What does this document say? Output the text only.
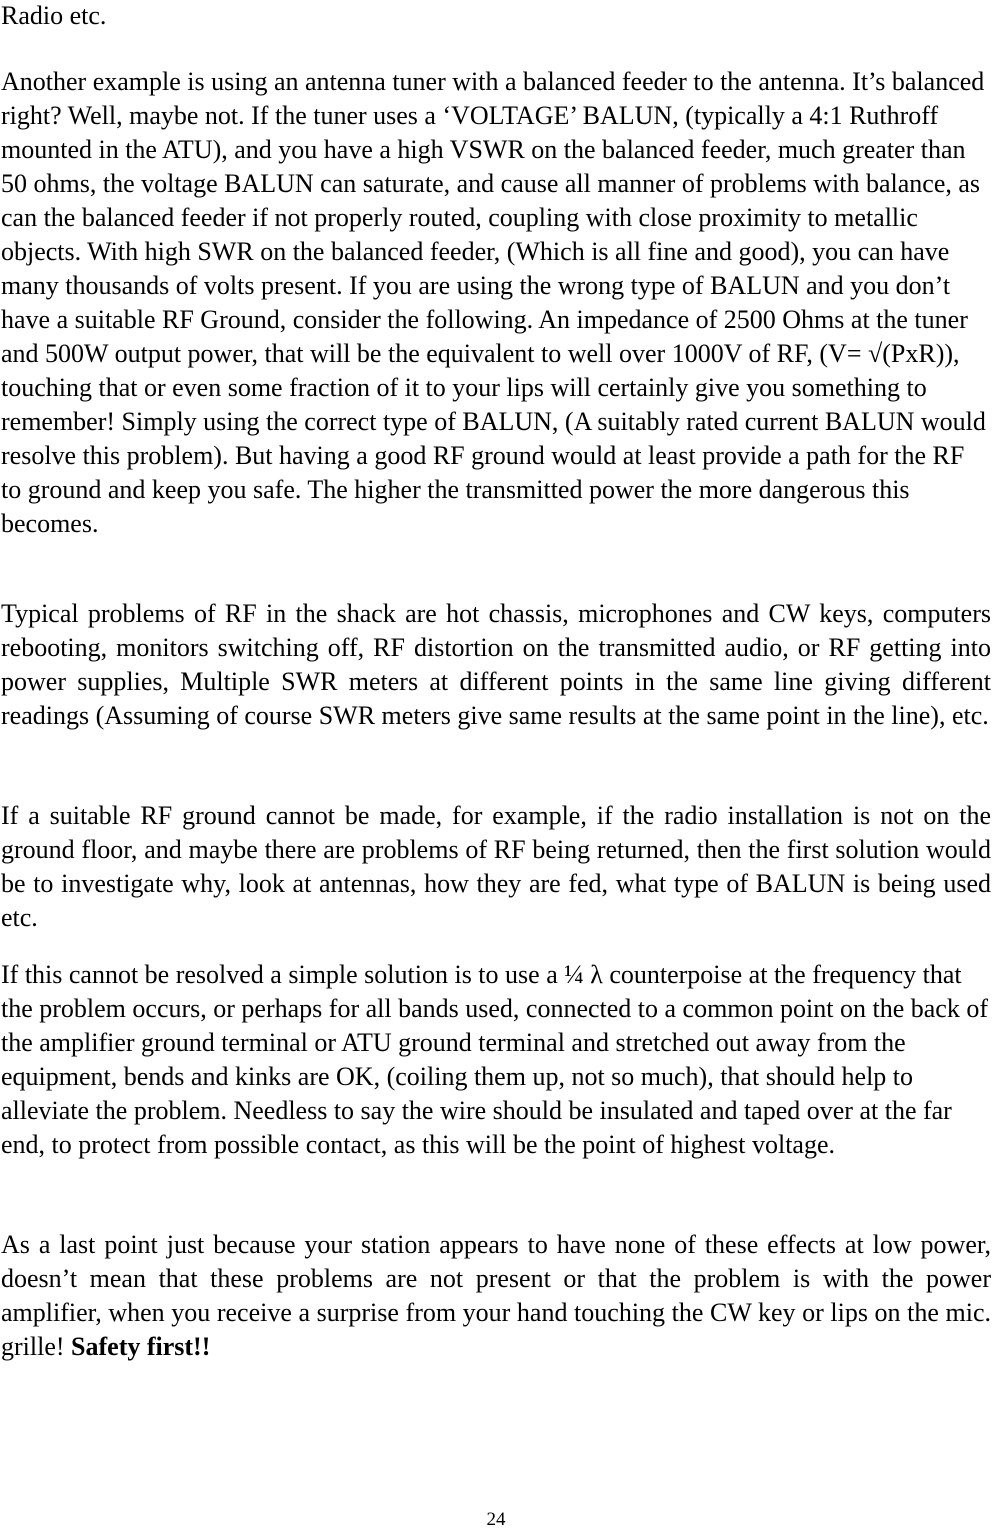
Radio etc.

Another example is using an antenna tuner with a balanced feeder to the antenna. It’s balanced right? Well, maybe not. If the tuner uses a ‘VOLTAGE’ BALUN, (typically a 4:1 Ruthroff mounted in the ATU), and you have a high VSWR on the balanced feeder, much greater than 50 ohms, the voltage BALUN can saturate, and cause all manner of problems with balance, as can the balanced feeder if not properly routed, coupling with close proximity to metallic objects. With high SWR on the balanced feeder, (Which is all fine and good), you can have many thousands of volts present. If you are using the wrong type of BALUN and you don’t have a suitable RF Ground, consider the following. An impedance of 2500 Ohms at the tuner and 500W output power, that will be the equivalent to well over 1000V of RF, (V= √(PxR)), touching that or even some fraction of it to your lips will certainly give you something to remember! Simply using the correct type of BALUN, (A suitably rated current BALUN would resolve this problem). But having a good RF ground would at least provide a path for the RF to ground and keep you safe. The higher the transmitted power the more dangerous this becomes.

Typical problems of RF in the shack are hot chassis, microphones and CW keys, computers rebooting, monitors switching off, RF distortion on the transmitted audio, or RF getting into power supplies, Multiple SWR meters at different points in the same line giving different readings (Assuming of course SWR meters give same results at the same point in the line), etc.

If a suitable RF ground cannot be made, for example, if the radio installation is not on the ground floor, and maybe there are problems of RF being returned, then the first solution would be to investigate why, look at antennas, how they are fed, what type of BALUN is being used etc.

If this cannot be resolved a simple solution is to use a ¼ λ counterpoise at the frequency that the problem occurs, or perhaps for all bands used, connected to a common point on the back of the amplifier ground terminal or ATU ground terminal and stretched out away from the equipment, bends and kinks are OK, (coiling them up, not so much), that should help to alleviate the problem. Needless to say the wire should be insulated and taped over at the far end, to protect from possible contact, as this will be the point of highest voltage.

As a last point just because your station appears to have none of these effects at low power, doesn’t mean that these problems are not present or that the problem is with the power amplifier, when you receive a surprise from your hand touching the CW key or lips on the mic. grille! Safety first!!

24
